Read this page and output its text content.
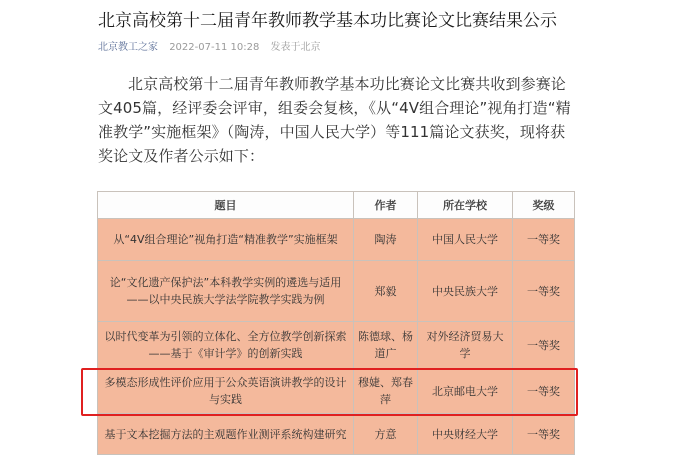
北京高校第十二届青年教师教学基本功比赛论文比赛结果公示
北京教工之家 2022-07-11 10:28 发表于北京
北京高校第十二届青年教师教学基本功比赛论文比赛共收到参赛论文405篇，经评委会评审，组委会复核，《从“4V组合理论”视角打造“精准教学”实施框架》（陶涛，中国人民大学）等111篇论文获奖，现将获奖论文及作者公示如下：
题目	作者	所在学校	奖级
从“4V组合理论”视角打造“精准教学”实施框架	陶涛	中国人民大学	一等奖
论“文化遗产保护法”本科教学实例的遴选与适用——以中央民族大学法学院教学实践为例	郑毅	中央民族大学	一等奖
以时代变革为引领的立体化、全方位教学创新探索——基于《审计学》的创新实践	陈德球、杨道广	对外经济贸易大学	一等奖
多模态形成性评价应用于公众英语演讲教学的设计与实践	穆婕、郑春萍	北京邮电大学	一等奖
基于文本挖掘方法的主观题作业测评系统构建研究	方意	中央财经大学	一等奖
